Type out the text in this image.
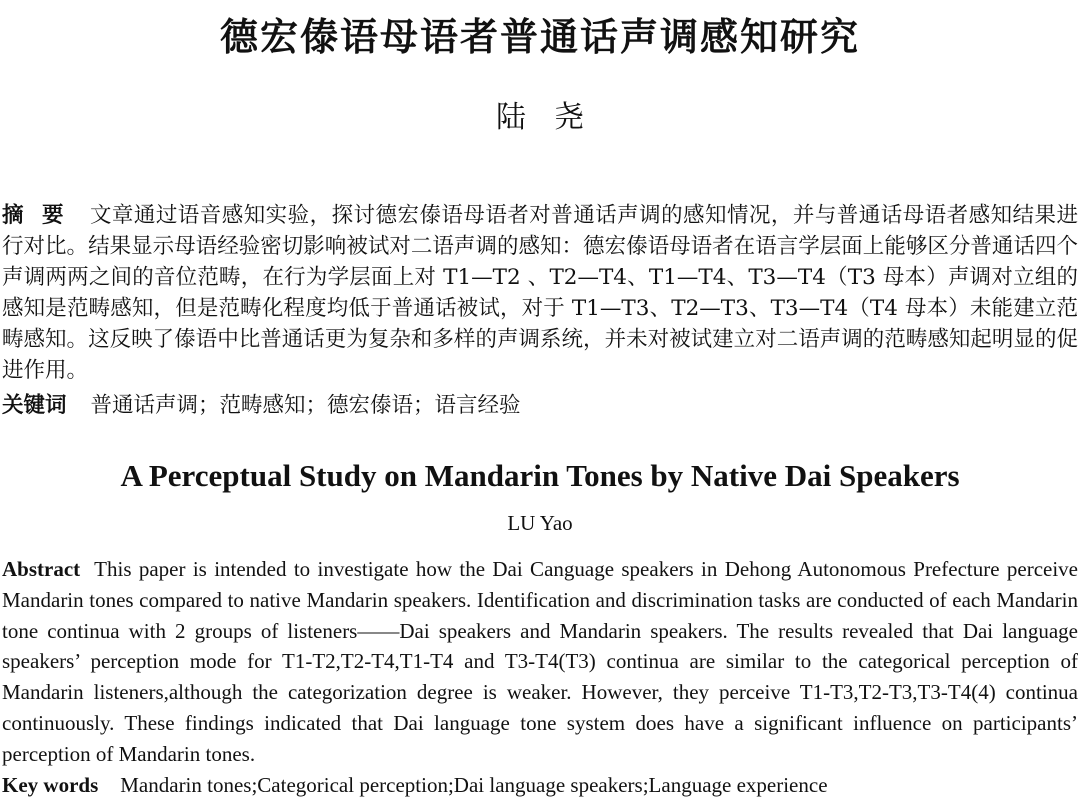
德宏傣语母语者普通话声调感知研究
陆尧
摘要 文章通过语音感知实验，探讨德宏傣语母语者对普通话声调的感知情况，并与普通话母语者感知结果进行对比。结果显示母语经验密切影响被试对二语声调的感知：德宏傣语母语者在语言学层面上能够区分普通话四个声调两两之间的音位范畴，在行为学层面上对 T1—T2 、T2—T4、T1—T4、T3—T4（T3 母本）声调对立组的感知是范畴感知，但是范畴化程度均低于普通话被试，对于 T1—T3、T2—T3、T3—T4（T4 母本）未能建立范畴感知。这反映了傣语中比普通话更为复杂和多样的声调系统，并未对被试建立对二语声调的范畴感知起明显的促进作用。
关键词 普通话声调；范畴感知；德宏傣语；语言经验
A Perceptual Study on Mandarin Tones by Native Dai Speakers
LU Yao
Abstract This paper is intended to investigate how the Dai Canguage speakers in Dehong Autonomous Prefecture perceive Mandarin tones compared to native Mandarin speakers. Identification and discrimination tasks are conducted of each Mandarin tone continua with 2 groups of listeners——Dai speakers and Mandarin speakers. The results revealed that Dai language speakers’ perception mode for T1-T2,T2-T4,T1-T4 and T3-T4(T3) continua are similar to the categorical perception of Mandarin listeners,although the categorization degree is weaker. However, they perceive T1-T3,T2-T3,T3-T4(4) continua continuously. These findings indicated that Dai language tone system does have a significant influence on participants’ perception of Mandarin tones.
Key words Mandarin tones;Categorical perception;Dai language speakers;Language experience
